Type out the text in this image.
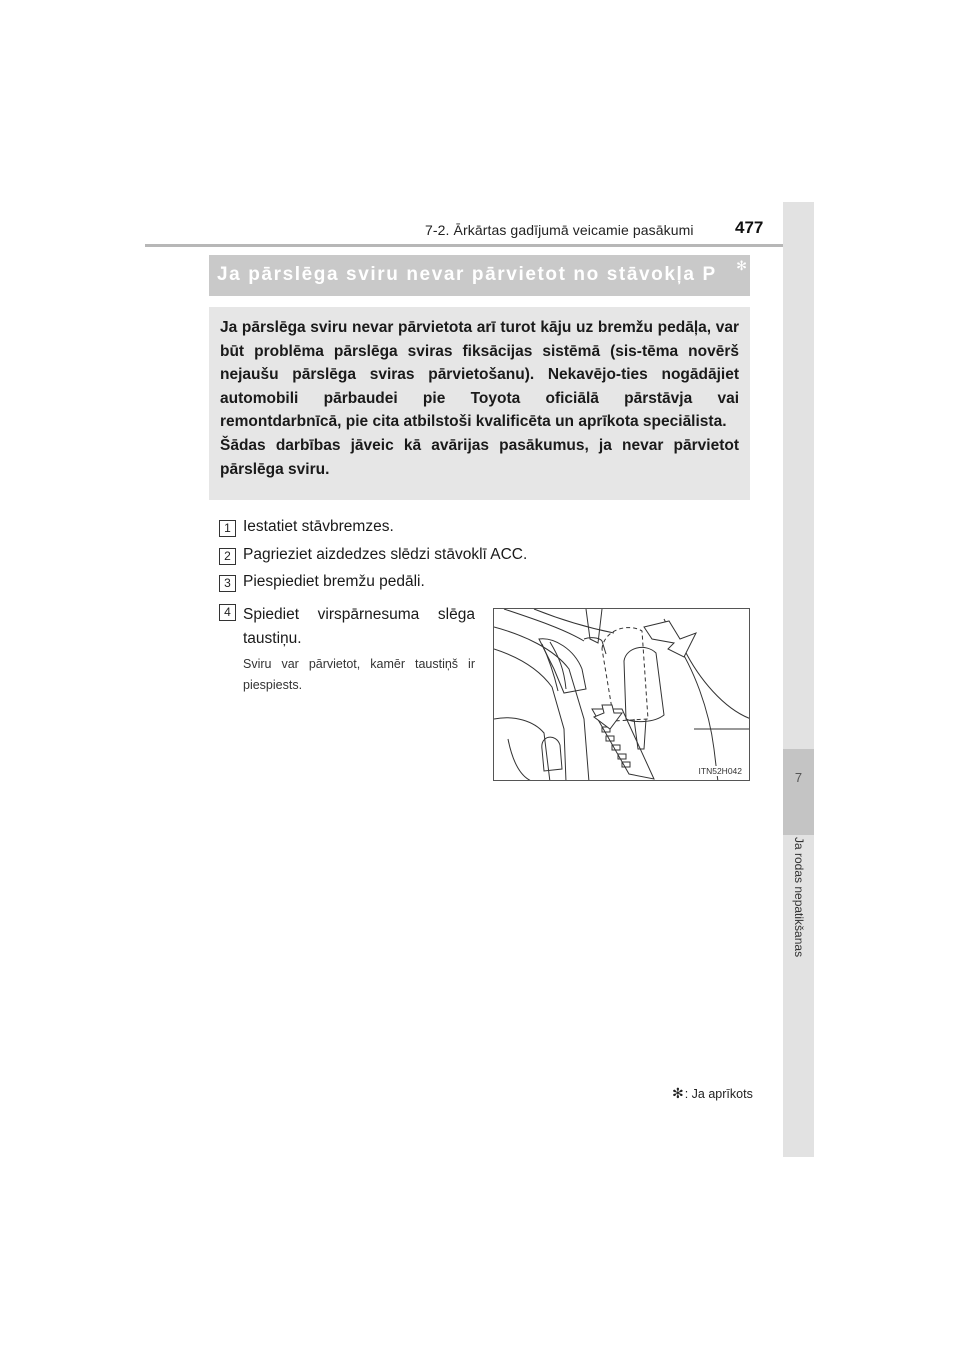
7-2. Ārkārtas gadījumā veicamie pasākumi 477
7
Ja rodas nepatikšanas
Ja pārslēga sviru nevar pārvietot no stāvokļa P ✻

Ja pārslēga sviru nevar pārvietota arī turot kāju uz bremžu pedāļa, var būt problēma pārslēga sviras fiksācijas sistēmā (sis-tēma novērš nejaušu pārslēga sviras pārvietošanu). Nekavējo-ties nogādājiet automobili pārbaudei pie Toyota oficiālā pārstāvja vai remontdarbnīcā, pie cita atbilstoši kvalificēta un aprīkota speciālista.

Šādas darbības jāveic kā avārijas pasākumus, ja nevar pārvietot pārslēga sviru.

1 Iestatiet stāvbremzes.
2 Pagrieziet aizdedzes slēdzi stāvoklī ACC.
3 Piespiediet bremžu pedāli.
4 Spiediet virspārnesuma slēga taustiņu.
Sviru var pārvietot, kamēr taustiņš ir piespiests.
ITN52H042
✻: Ja aprīkots
